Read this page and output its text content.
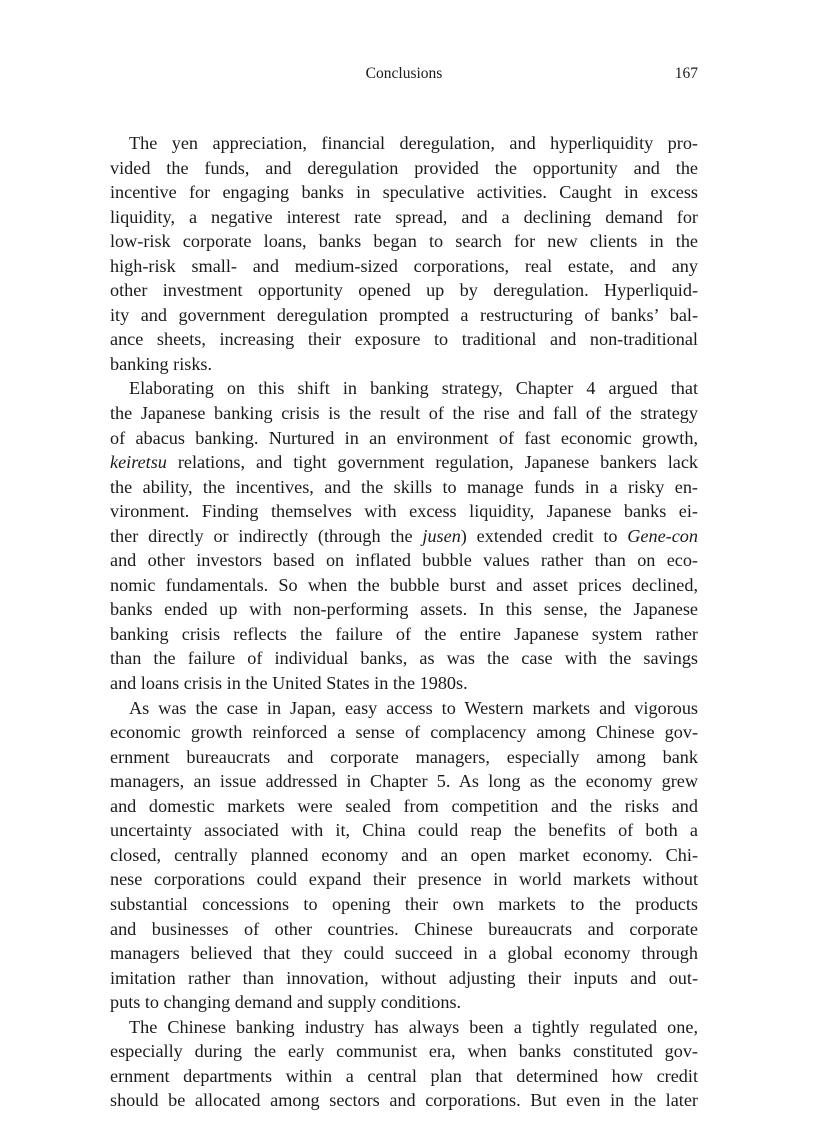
Conclusions	167
The yen appreciation, financial deregulation, and hyperliquidity pro-
vided the funds, and deregulation provided the opportunity and the
incentive for engaging banks in speculative activities. Caught in excess
liquidity, a negative interest rate spread, and a declining demand for
low-risk corporate loans, banks began to search for new clients in the
high-risk small- and medium-sized corporations, real estate, and any
other investment opportunity opened up by deregulation. Hyperliquid-
ity and government deregulation prompted a restructuring of banks’ bal-
ance sheets, increasing their exposure to traditional and non-traditional
banking risks.
Elaborating on this shift in banking strategy, Chapter 4 argued that
the Japanese banking crisis is the result of the rise and fall of the strategy
of abacus banking. Nurtured in an environment of fast economic growth,
keiretsu relations, and tight government regulation, Japanese bankers lack
the ability, the incentives, and the skills to manage funds in a risky en-
vironment. Finding themselves with excess liquidity, Japanese banks ei-
ther directly or indirectly (through the jusen) extended credit to Gene-con
and other investors based on inflated bubble values rather than on eco-
nomic fundamentals. So when the bubble burst and asset prices declined,
banks ended up with non-performing assets. In this sense, the Japanese
banking crisis reflects the failure of the entire Japanese system rather
than the failure of individual banks, as was the case with the savings
and loans crisis in the United States in the 1980s.
As was the case in Japan, easy access to Western markets and vigorous
economic growth reinforced a sense of complacency among Chinese gov-
ernment bureaucrats and corporate managers, especially among bank
managers, an issue addressed in Chapter 5. As long as the economy grew
and domestic markets were sealed from competition and the risks and
uncertainty associated with it, China could reap the benefits of both a
closed, centrally planned economy and an open market economy. Chi-
nese corporations could expand their presence in world markets without
substantial concessions to opening their own markets to the products
and businesses of other countries. Chinese bureaucrats and corporate
managers believed that they could succeed in a global economy through
imitation rather than innovation, without adjusting their inputs and out-
puts to changing demand and supply conditions.
The Chinese banking industry has always been a tightly regulated one,
especially during the early communist era, when banks constituted gov-
ernment departments within a central plan that determined how credit
should be allocated among sectors and corporations. But even in the later
